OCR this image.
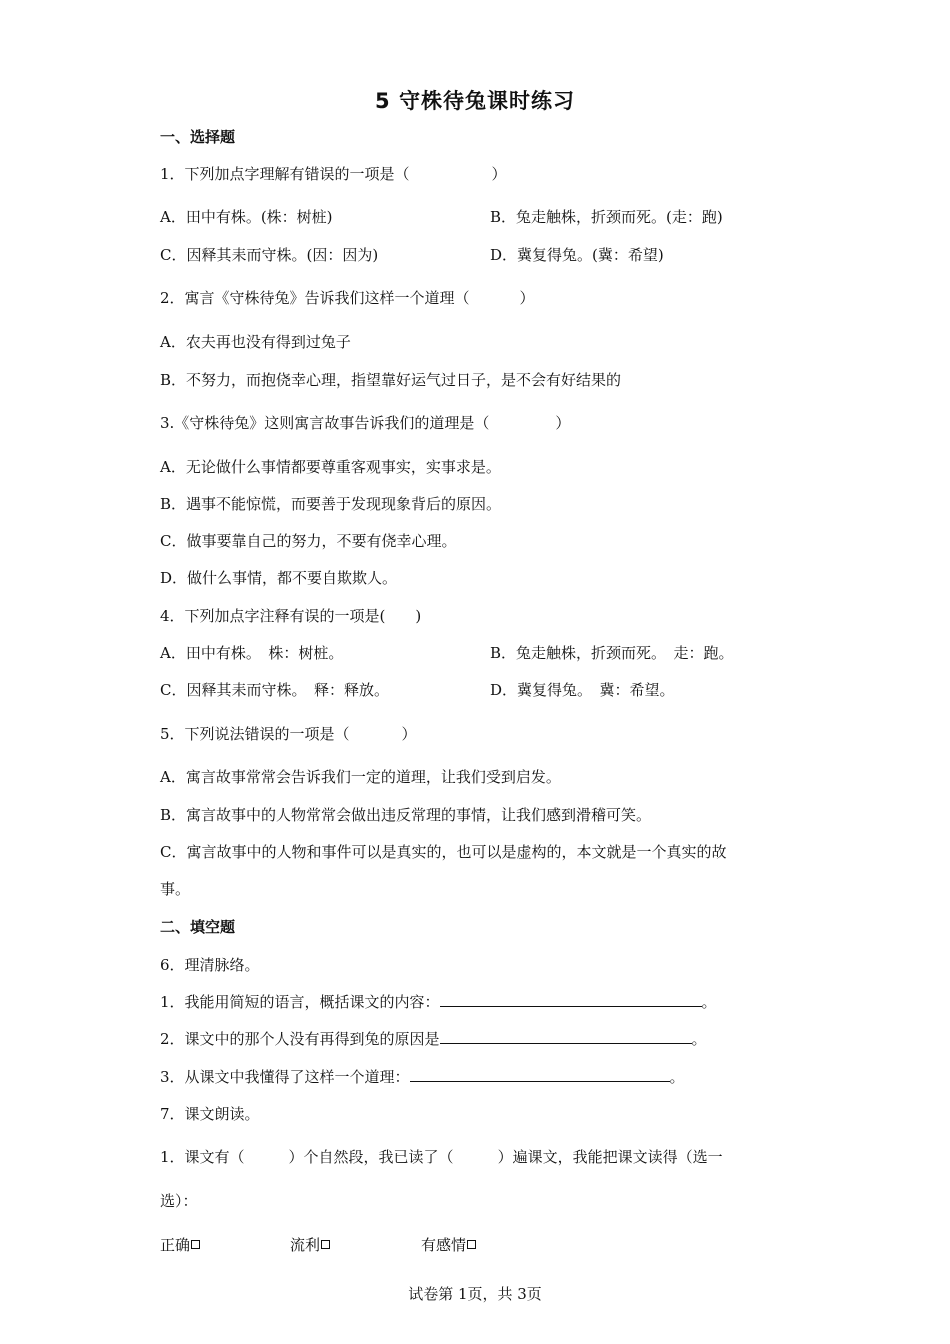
5 守株待兔课时练习
一、选择题
1．下列加点字理解有错误的一项是（	）
A．田中有株。(株：树桩)	B．兔走触株，折颈而死。(走：跑)
C．因释其耒而守株。(因：因为)	D．冀复得兔。(冀：希望)
2．寓言《守株待兔》告诉我们这样一个道理（	）
A．农夫再也没有得到过兔子
B．不努力，而抱侥幸心理，指望靠好运气过日子，是不会有好结果的
3.《守株待兔》这则寓言故事告诉我们的道理是（	）
A．无论做什么事情都要尊重客观事实，实事求是。
B．遇事不能惊慌，而要善于发现现象背后的原因。
C．做事要靠自己的努力，不要有侥幸心理。
D．做什么事情，都不要自欺欺人。
4．下列加点字注释有误的一项是(　　)
A．田中有株。　株：树桩。	B．兔走触株，折颈而死。　走：跑。
C．因释其耒而守株。　释：释放。	D．冀复得兔。　冀：希望。
5．下列说法错误的一项是（	）
A．寓言故事常常会告诉我们一定的道理，让我们受到启发。
B．寓言故事中的人物常常会做出违反常理的事情，让我们感到滑稽可笑。
C．寓言故事中的人物和事件可以是真实的，也可以是虚构的，本文就是一个真实的故
事。
二、填空题
6．理清脉络。
1．我能用简短的语言，概括课文的内容：	。
2．课文中的那个人没有再得到兔的原因是	。
3．从课文中我懂得了这样一个道理：	。
7．课文朗读。
1．课文有（	）个自然段，我已读了（	）遍课文，我能把课文读得（选一
选）：
正确	流利	有感情
试卷第 1页，共 3页
